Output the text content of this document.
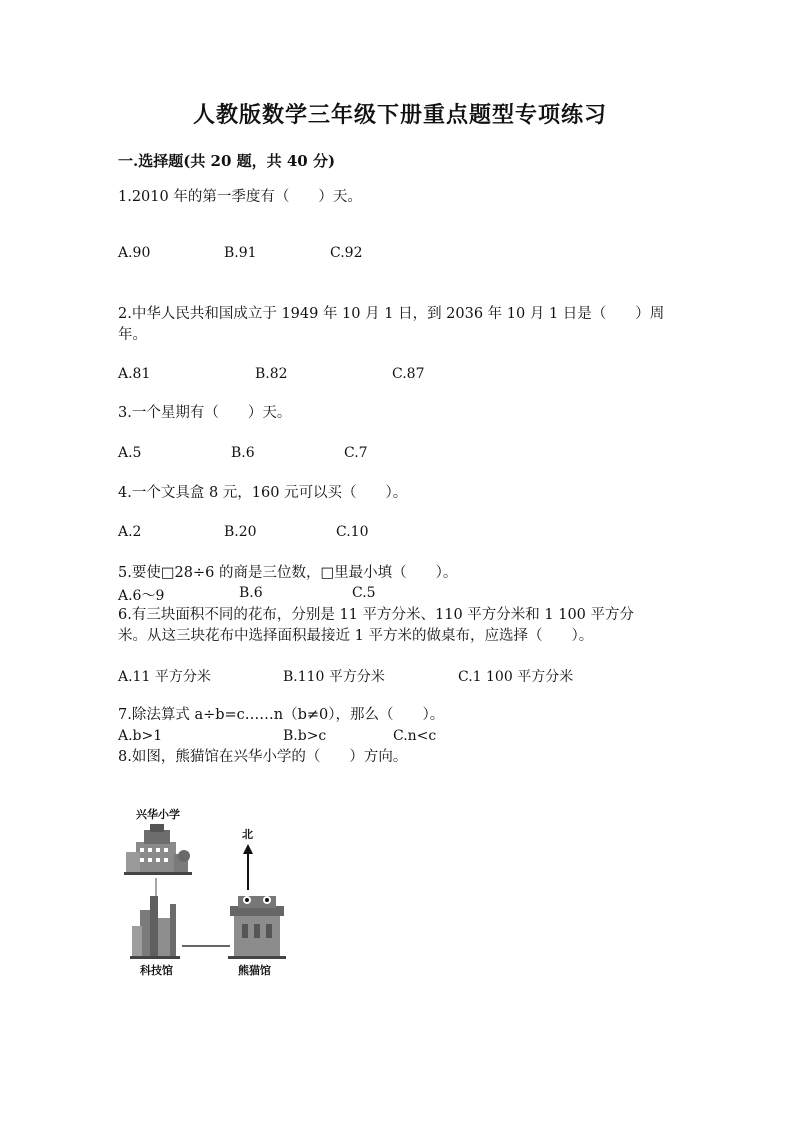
人教版数学三年级下册重点题型专项练习
一.选择题(共 20 题，共 40 分)
1.2010 年的第一季度有（　　）天。
A.90	B.91	C.92
2.中华人民共和国成立于 1949 年 10 月 1 日，到 2036 年 10 月 1 日是（　　）周
年。
A.81	B.82	C.87
3.一个星期有（　　）天。
A.5	B.6	C.7
4.一个文具盒 8 元，160 元可以买（　　）。
A.2	B.20	C.10
5.要使□28÷6 的商是三位数，□里最小填（　　）。
A.6～9	B.6	C.5
6.有三块面积不同的花布，分别是 11 平方分米、110 平方分米和 1 100 平方分
米。从这三块花布中选择面积最接近 1 平方米的做桌布，应选择（　　）。
A.11 平方分米	B.110 平方分米	C.1 100 平方分米
7.除法算式 a÷b=c……n（b≠0），那么（　　）。
A.b>1	B.b>c	C.n<c
8.如图，熊猫馆在兴华小学的（　　）方向。
兴华小学
北
科技馆	熊猫馆
